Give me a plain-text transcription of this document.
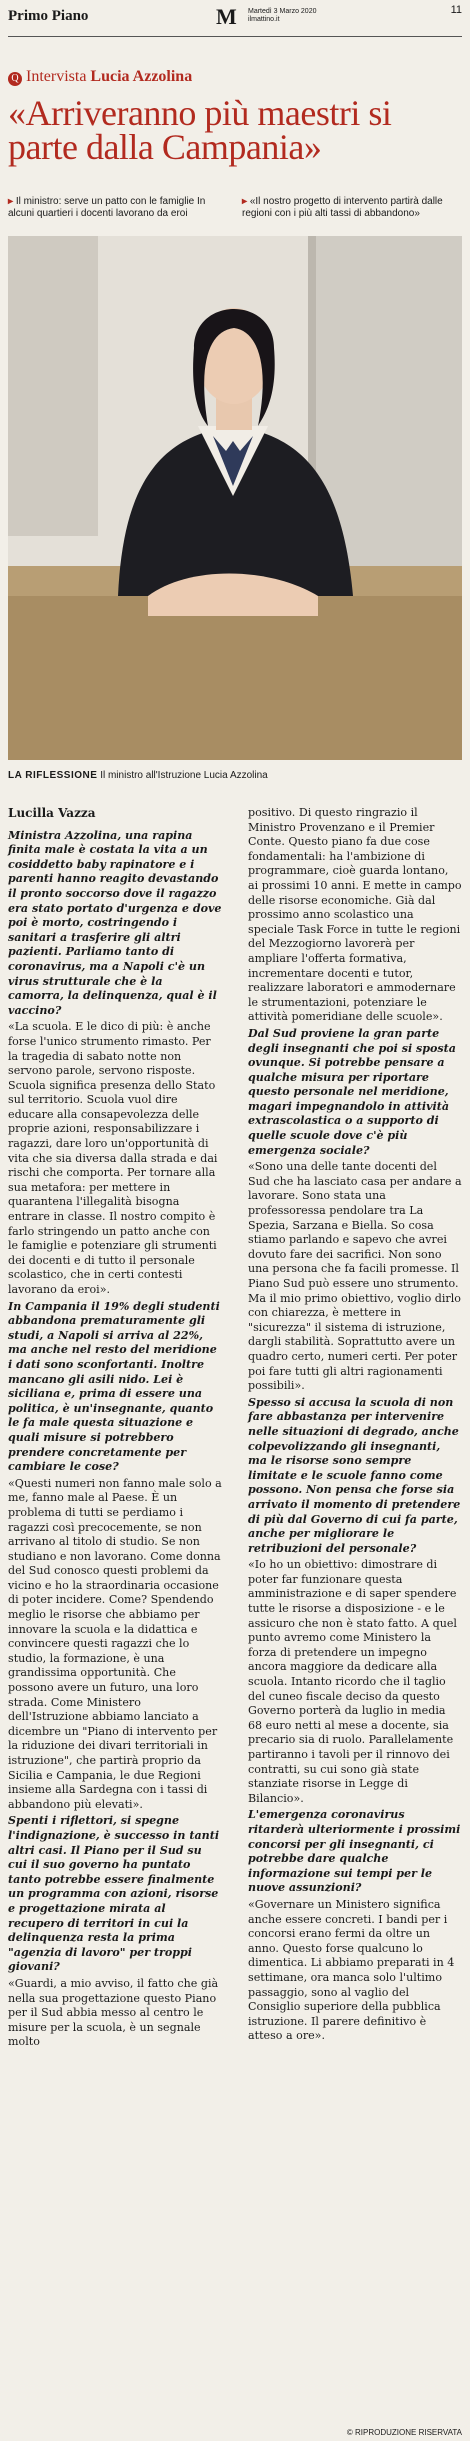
Primo Piano	M Martedì 3 Marzo 2020
ilmattino.it
11
Q Intervista Lucia Azzolina
«Arriveranno più maestri si parte dalla Campania»
▸ Il ministro: serve un patto con le famiglie In alcuni quartieri i docenti lavorano da eroi
▸ «Il nostro progetto di intervento partirà dalle regioni con i più alti tassi di abbandono»
LA RIFLESSIONE Il ministro all'Istruzione Lucia Azzolina

Lucilla Vazza

Ministra Azzolina, una rapina finita male è costata la vita a un cosiddetto baby rapinatore e i parenti hanno reagito devastando il pronto soccorso dove il ragazzo era stato portato d'urgenza e dove poi è morto, costringendo i sanitari a trasferire gli altri pazienti. Parliamo tanto di coronavirus, ma a Napoli c'è un virus strutturale che è la camorra, la delinquenza, qual è il vaccino?

«La scuola. E le dico di più: è anche forse l'unico strumento rimasto. Per la tragedia di sabato notte non servono parole, servono risposte. Scuola significa presenza dello Stato sul territorio. Scuola vuol dire educare alla consapevolezza delle proprie azioni, responsabilizzare i ragazzi, dare loro un'opportunità di vita che sia diversa dalla strada e dai rischi che comporta. Per tornare alla sua metafora: per mettere in quarantena l'illegalità bisogna entrare in classe. Il nostro compito è farlo stringendo un patto anche con le famiglie e potenziare gli strumenti dei docenti e di tutto il personale scolastico, che in certi contesti lavorano da eroi».

In Campania il 19% degli studenti abbandona prematuramente gli studi, a Napoli si arriva al 22%, ma anche nel resto del meridione i dati sono sconfortanti. Inoltre mancano gli asili nido. Lei è siciliana e, prima di essere una politica, è un'insegnante, quanto le fa male questa situazione e quali misure si potrebbero prendere concretamente per cambiare le cose?

«Questi numeri non fanno male solo a me, fanno male al Paese. È un problema di tutti se perdiamo i ragazzi così precocemente, se non arrivano al titolo di studio. Se non studiano e non lavorano. Come donna del Sud conosco questi problemi da vicino e ho la straordinaria occasione di poter incidere. Come? Spendendo meglio le risorse che abbiamo per innovare la scuola e la didattica e convincere questi ragazzi che lo studio, la formazione, è una grandissima opportunità. Che possono avere un futuro, una loro strada. Come Ministero dell'Istruzione abbiamo lanciato a dicembre un "Piano di intervento per la riduzione dei divari territoriali in istruzione", che partirà proprio da Sicilia e Campania, le due Regioni insieme alla Sardegna con i tassi di abbandono più elevati».

Spenti i riflettori, si spegne l'indignazione, è successo in tanti altri casi. Il Piano per il Sud su cui il suo governo ha puntato tanto potrebbe essere finalmente un programma con azioni, risorse e progettazione mirata al recupero di territori in cui la delinquenza resta la prima "agenzia di lavoro" per troppi giovani?

«Guardi, a mio avviso, il fatto che già nella sua progettazione questo Piano per il Sud abbia messo al centro le misure per la scuola, è un segnale molto

positivo. Di questo ringrazio il Ministro Provenzano e il Premier Conte. Questo piano fa due cose fondamentali: ha l'ambizione di programmare, cioè guarda lontano, ai prossimi 10 anni. E mette in campo delle risorse economiche. Già dal prossimo anno scolastico una speciale Task Force in tutte le regioni del Mezzogiorno lavorerà per ampliare l'offerta formativa, incrementare docenti e tutor, realizzare laboratori e ammodernare le strumentazioni, potenziare le attività pomeridiane delle scuole».

Dal Sud proviene la gran parte degli insegnanti che poi si sposta ovunque. Si potrebbe pensare a qualche misura per riportare questo personale nel meridione, magari impegnandolo in attività extrascolastica o a supporto di quelle scuole dove c'è più emergenza sociale?

«Sono una delle tante docenti del Sud che ha lasciato casa per andare a lavorare. Sono stata una professoressa pendolare tra La Spezia, Sarzana e Biella. So cosa stiamo parlando e sapevo che avrei dovuto fare dei sacrifici. Non sono una persona che fa facili promesse. Il Piano Sud può essere uno strumento. Ma il mio primo obiettivo, voglio dirlo con chiarezza, è mettere in "sicurezza" il sistema di istruzione, dargli stabilità. Soprattutto avere un quadro certo, numeri certi. Per poter poi fare tutti gli altri ragionamenti possibili».

Spesso si accusa la scuola di non fare abbastanza per intervenire nelle situazioni di degrado, anche colpevolizzando gli insegnanti, ma le risorse sono sempre limitate e le scuole fanno come possono. Non pensa che forse sia arrivato il momento di pretendere di più dal Governo di cui fa parte, anche per migliorare le retribuzioni del personale?

«Io ho un obiettivo: dimostrare di poter far funzionare questa amministrazione e di saper spendere tutte le risorse a disposizione - e le assicuro che non è stato fatto. A quel punto avremo come Ministero la forza di pretendere un impegno ancora maggiore da dedicare alla scuola. Intanto ricordo che il taglio del cuneo fiscale deciso da questo Governo porterà da luglio in media 68 euro netti al mese a docente, sia precario sia di ruolo. Parallelamente partiranno i tavoli per il rinnovo dei contratti, su cui sono già state stanziate risorse in Legge di Bilancio».

L'emergenza coronavirus ritarderà ulteriormente i prossimi concorsi per gli insegnanti, ci potrebbe dare qualche informazione sui tempi per le nuove assunzioni?

«Governare un Ministero significa anche essere concreti. I bandi per i concorsi erano fermi da oltre un anno. Questo forse qualcuno lo dimentica. Li abbiamo preparati in 4 settimane, ora manca solo l'ultimo passaggio, sono al vaglio del Consiglio superiore della pubblica istruzione. Il parere definitivo è atteso a ore».

© RIPRODUZIONE RISERVATA
